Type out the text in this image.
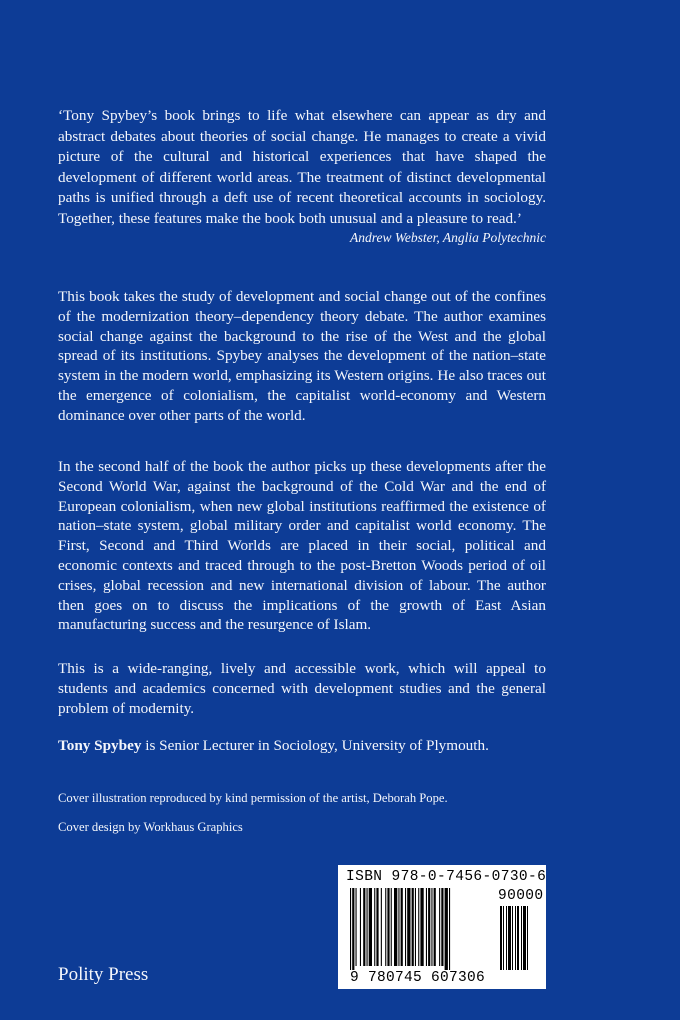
‘Tony Spybey’s book brings to life what elsewhere can appear as dry and abstract debates about theories of social change. He manages to create a vivid picture of the cultural and historical experiences that have shaped the development of different world areas. The treatment of distinct developmental paths is unified through a deft use of recent theoretical accounts in sociology. Together, these features make the book both unusual and a pleasure to read.’
Andrew Webster, Anglia Polytechnic
This book takes the study of development and social change out of the confines of the modernization theory–dependency theory debate. The author examines social change against the background to the rise of the West and the global spread of its institutions. Spybey analyses the development of the nation–state system in the modern world, emphasizing its Western origins. He also traces out the emergence of colonialism, the capitalist world-economy and Western dominance over other parts of the world.
In the second half of the book the author picks up these developments after the Second World War, against the background of the Cold War and the end of European colonialism, when new global institutions reaffirmed the existence of nation–state system, global military order and capitalist world economy. The First, Second and Third Worlds are placed in their social, political and economic contexts and traced through to the post-Bretton Woods period of oil crises, global recession and new international division of labour. The author then goes on to discuss the implications of the growth of East Asian manufacturing success and the resurgence of Islam.
This is a wide-ranging, lively and accessible work, which will appeal to students and academics concerned with development studies and the general problem of modernity.
Tony Spybey is Senior Lecturer in Sociology, University of Plymouth.
Cover illustration reproduced by kind permission of the artist, Deborah Pope.
Cover design by Workhaus Graphics
ISBN 978-0-7456-0730-6
90000
9 780745 607306
Polity Press
